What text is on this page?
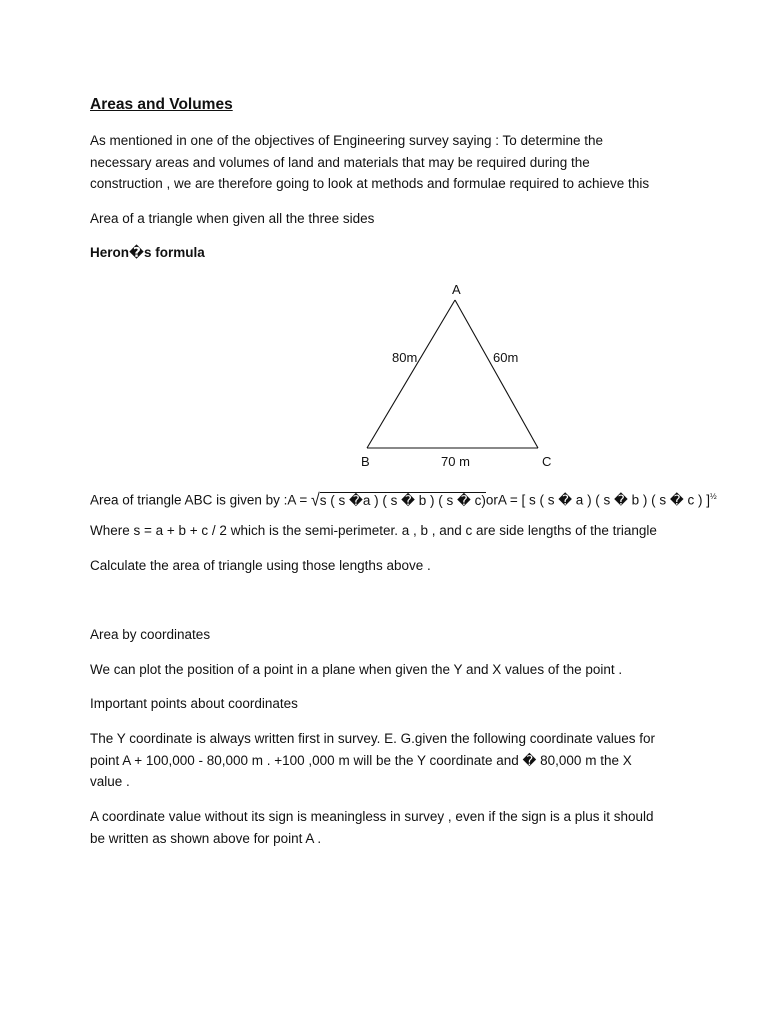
Areas and Volumes
As mentioned in one of the objectives of Engineering survey saying : To determine the
necessary areas and volumes of land and materials that may be required during the
construction , we are therefore going to look at methods and formulae required to achieve this
Area of a triangle when given all the three sides
Heron�s formula
A
B	C
80m	60m
70 m
Area of triangle ABC is given by :A = √s ( s �a ) ( s � b ) ( s � c)orA = [ s ( s � a ) ( s � b ) ( s � c ) ]$^{\frac{1}{2}}$
Where s = a + b + c / 2 which is the semi-perimeter. a , b , and c are side lengths of the triangle
Calculate the area of triangle using those lengths above .
Area by coordinates
We can plot the position of a point in a plane when given the Y and X values of the point .
Important points about coordinates
The Y coordinate is always written first in survey. E. G.given the following coordinate values for
point A + 100,000 - 80,000 m . +100 ,000 m will be the Y coordinate and � 80,000 m the X
value .
A coordinate value without its sign is meaningless in survey , even if the sign is a plus it should
be written as shown above for point A .
